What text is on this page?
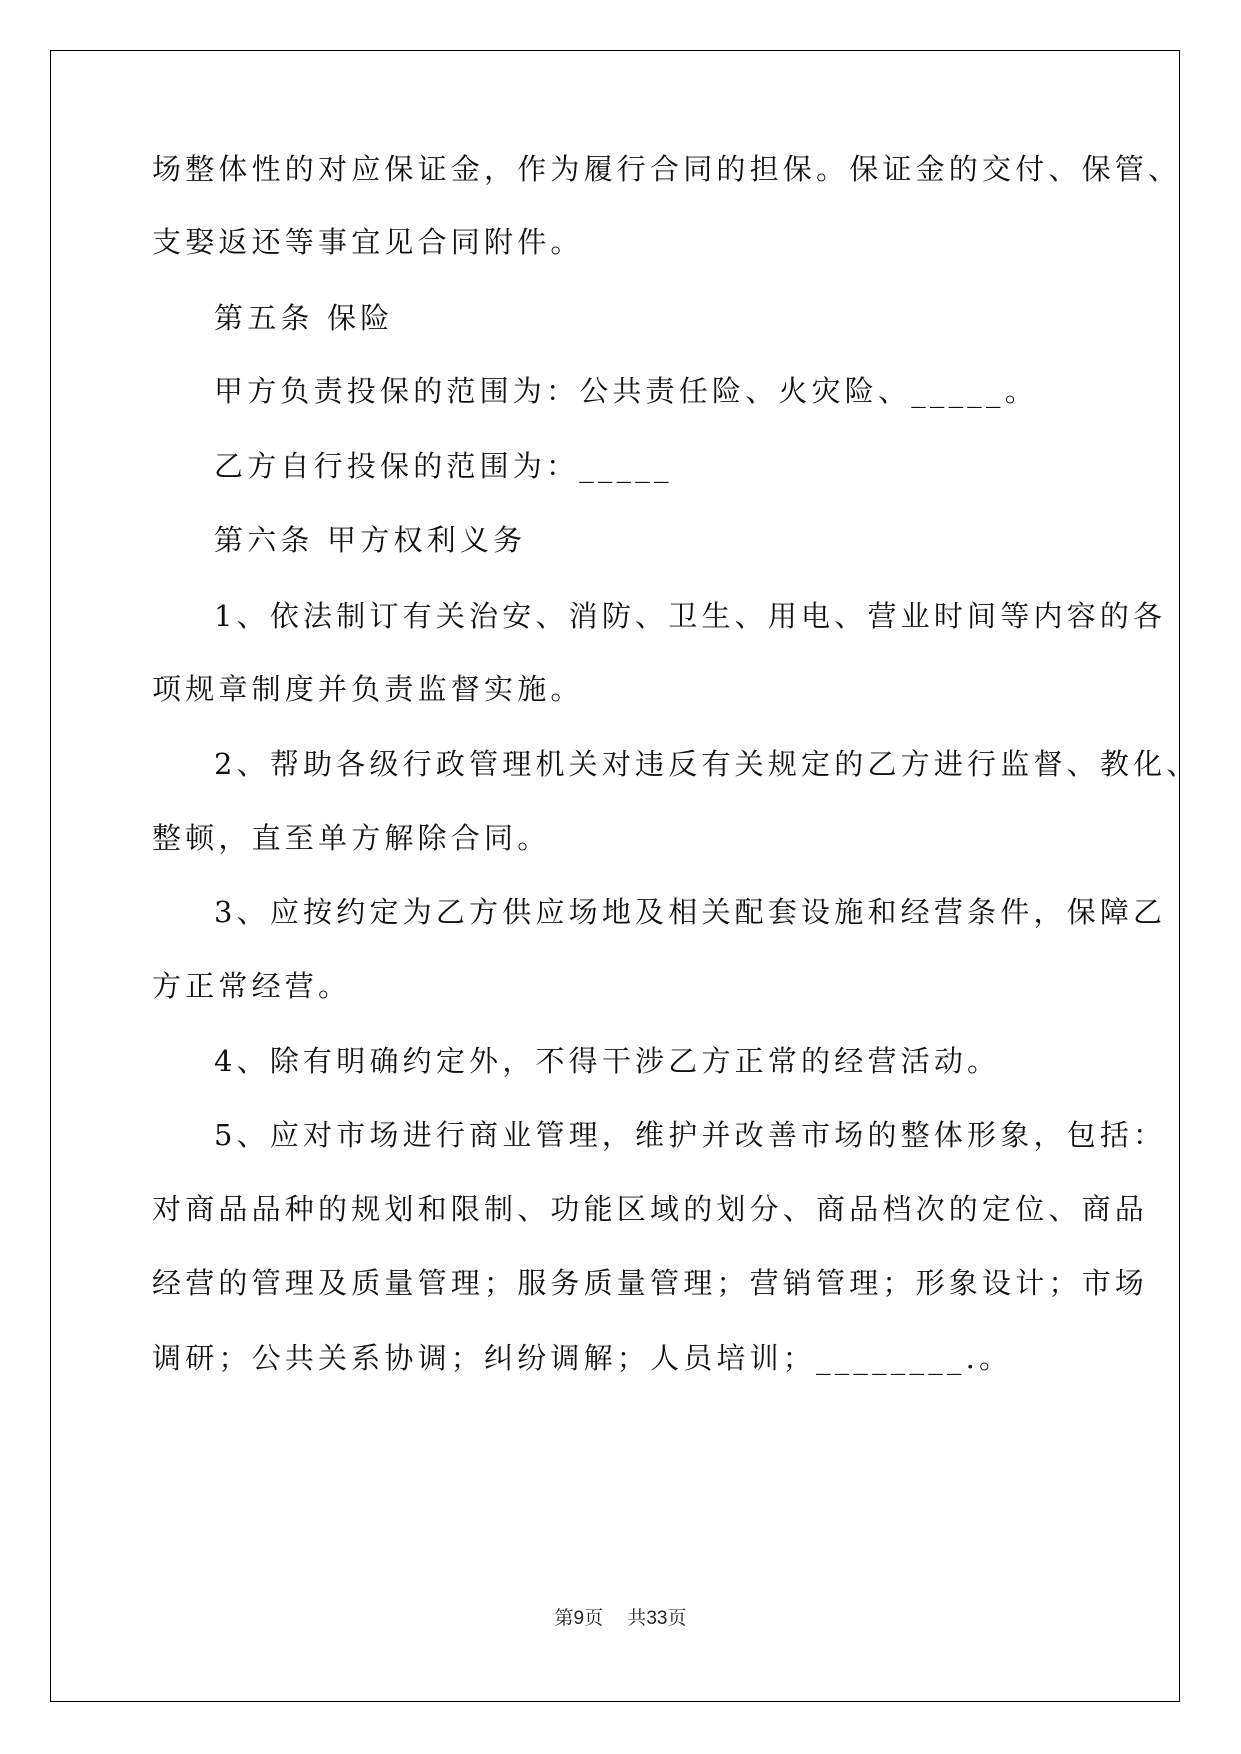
场整体性的对应保证金，作为履行合同的担保。保证金的交付、保管、
支娶返还等事宜见合同附件。
第五条 保险
甲方负责投保的范围为：公共责任险、火灾险、_____。
乙方自行投保的范围为：_____
第六条 甲方权利义务
1、依法制订有关治安、消防、卫生、用电、营业时间等内容的各
项规章制度并负责监督实施。
2、帮助各级行政管理机关对违反有关规定的乙方进行监督、教化、
整顿，直至单方解除合同。
3、应按约定为乙方供应场地及相关配套设施和经营条件，保障乙
方正常经营。
4、除有明确约定外，不得干涉乙方正常的经营活动。
5、应对市场进行商业管理，维护并改善市场的整体形象，包括：
对商品品种的规划和限制、功能区域的划分、商品档次的定位、商品
经营的管理及质量管理；服务质量管理；营销管理；形象设计；市场
调研；公共关系协调；纠纷调解；人员培训；________.。
第9页 共33页
